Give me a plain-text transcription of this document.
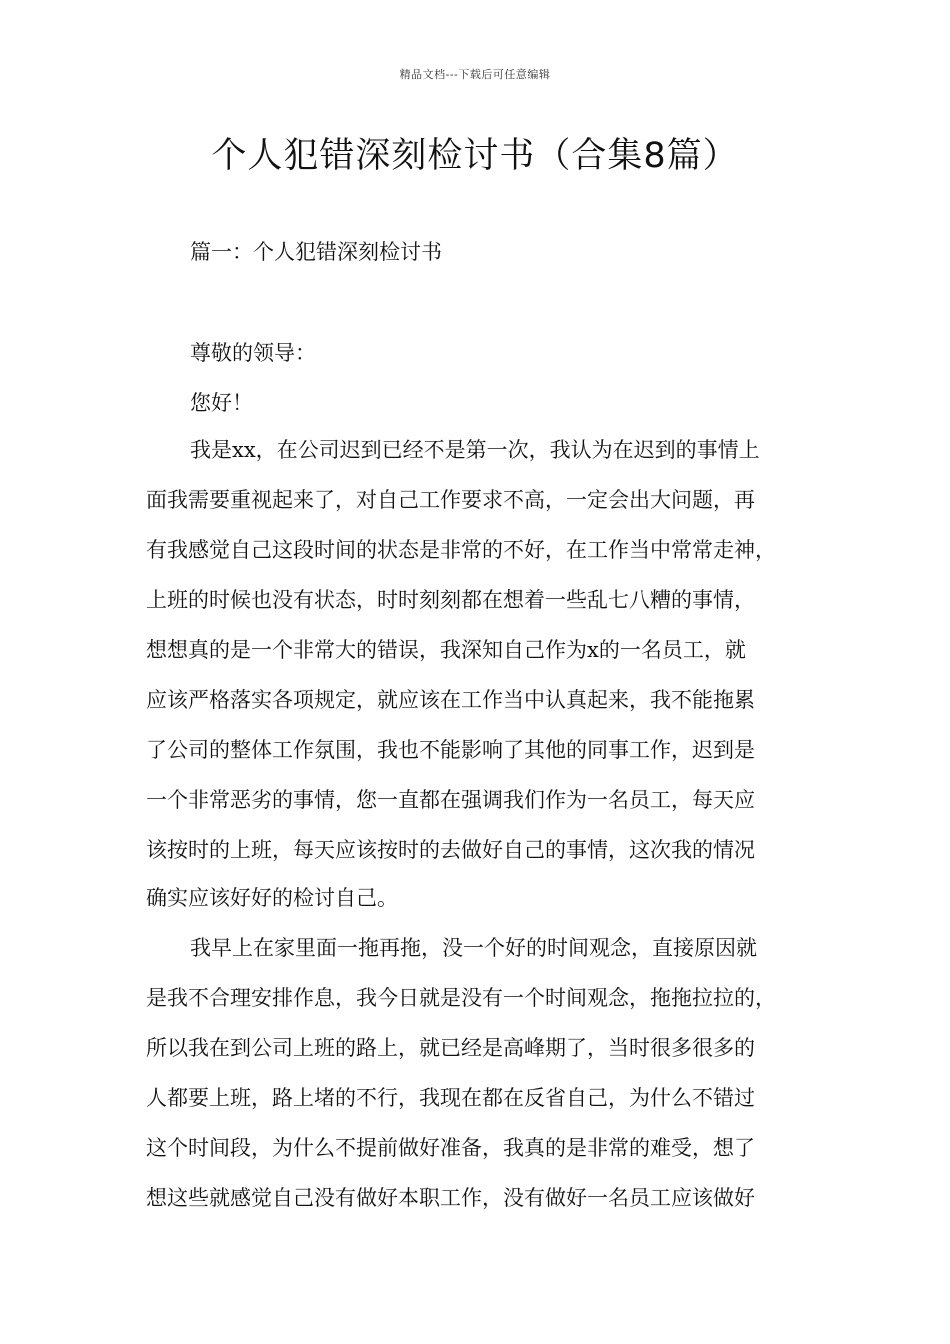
精品文档---下载后可任意编辑
个人犯错深刻检讨书（合集8篇）
篇一：个人犯错深刻检讨书

尊敬的领导：

您好！

我是xx，在公司迟到已经不是第一次，我认为在迟到的事情上

面我需要重视起来了，对自己工作要求不高，一定会出大问题，再

有我感觉自己这段时间的状态是非常的不好，在工作当中常常走神，

上班的时候也没有状态，时时刻刻都在想着一些乱七八糟的事情，

想想真的是一个非常大的错误，我深知自己作为x的一名员工，就

应该严格落实各项规定，就应该在工作当中认真起来，我不能拖累

了公司的整体工作氛围，我也不能影响了其他的同事工作，迟到是

一个非常恶劣的事情，您一直都在强调我们作为一名员工，每天应

该按时的上班，每天应该按时的去做好自己的事情，这次我的情况

确实应该好好的检讨自己。

我早上在家里面一拖再拖，没一个好的时间观念，直接原因就

是我不合理安排作息，我今日就是没有一个时间观念，拖拖拉拉的，

所以我在到公司上班的路上，就已经是高峰期了，当时很多很多的

人都要上班，路上堵的不行，我现在都在反省自己，为什么不错过

这个时间段，为什么不提前做好准备，我真的是非常的难受，想了

想这些就感觉自己没有做好本职工作，没有做好一名员工应该做好
